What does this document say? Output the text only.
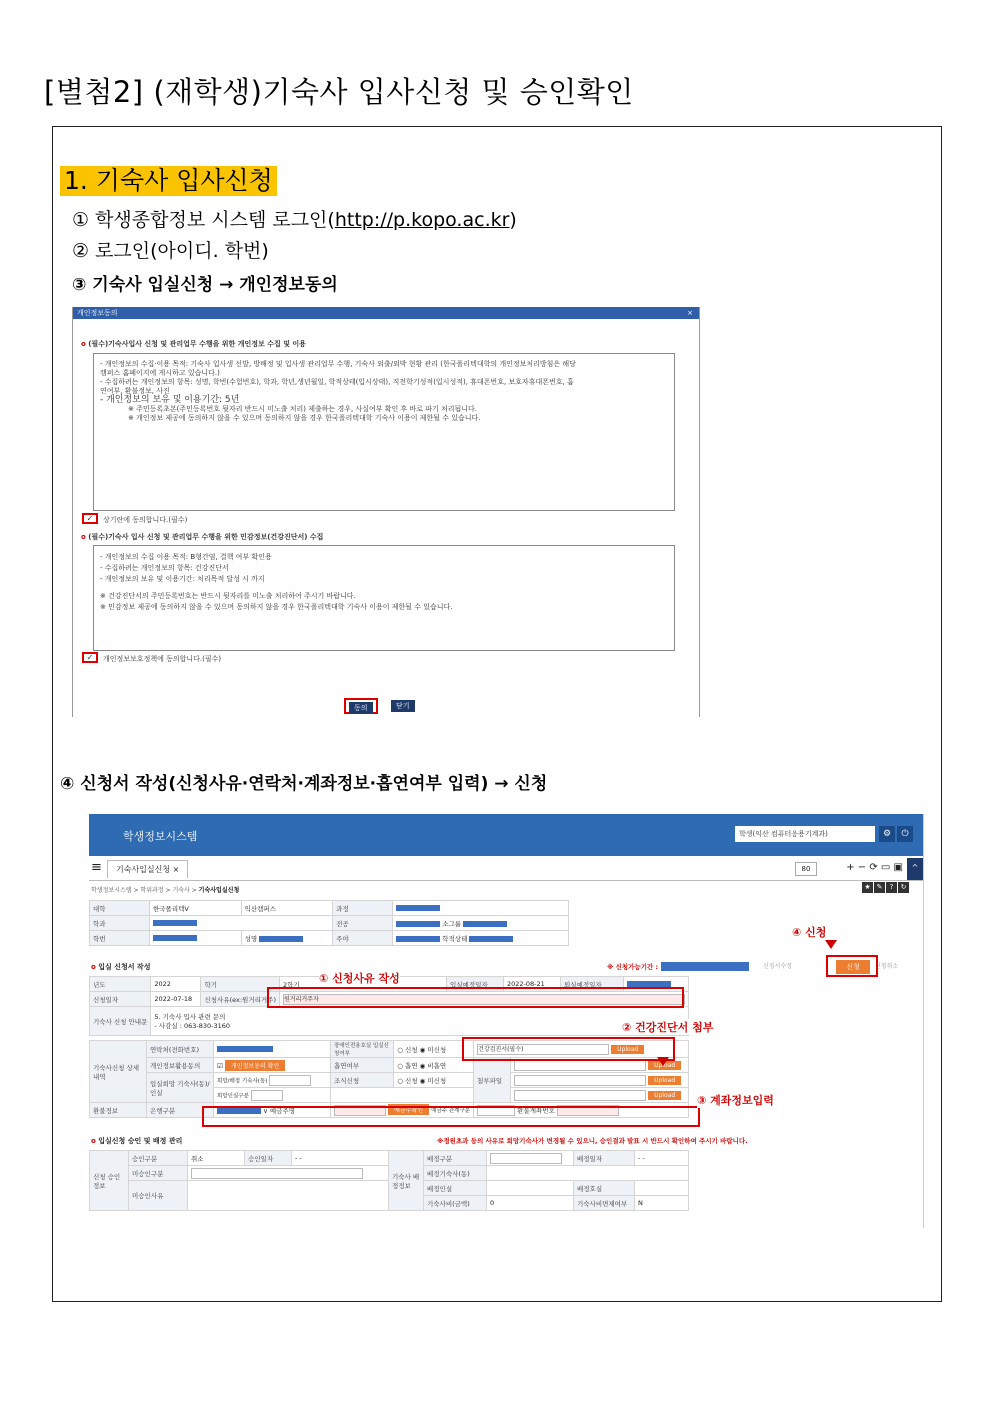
[별첨2] (재학생)기숙사 입사신청 및 승인확인
1. 기숙사 입사신청
① 학생종합정보 시스템 로그인(http://p.kopo.ac.kr)
② 로그인(아이디. 학번)
③ 기숙사 입실신청 → 개인정보동의
개인정보동의	×
o (필수)기숙사입사 신청 및 관리업무 수행을 위한 개인정보 수집 및 이용
- 개인정보의 수집·이용 목적: 기숙사 입사생 선발, 방배정 및 입사생 관리업무 수행, 기숙사 외출/외박 현황 관리 (한국폴리텍대학의 개인정보처리방침은 해당
캠퍼스 홈페이지에 게시하고 있습니다.)
- 수집하려는 개인정보의 항목: 성명, 학번(수험번호), 학과, 학년,생년월일, 학적상태(입시상태), 직전학기성적(입시성적), 휴대폰번호, 보호자휴대폰번호, 흡
연여부, 환불정보, 사진
- 개인정보의 보유 및 이용기간: 5년
※ 주민등록초본(주민등록번호 뒷자리 반드시 미노출 처리) 제출하는 경우, 사실여부 확인 후 바로 파기 처리됩니다.
※ 개인정보 제공에 동의하지 않을 수 있으며 동의하지 않을 경우 한국폴리텍대학 기숙사 이용이 제한될 수 있습니다.
✓	상기란에 동의합니다.(필수)
o (필수)기숙사 입사 신청 및 관리업무 수행을 위한 민감정보(건강진단서) 수집
- 개인정보의 수집 이용 목적: B형간염, 결핵 여부 확인용
- 수집하려는 개인정보의 항목: 건강진단서
- 개인정보의 보유 및 이용기간: 처리목적 달성 시 까지
※ 건강진단서의 주민등록번호는 반드시 뒷자리를 미노출 처리하여 주시기 바랍니다.
※ 민감정보 제공에 동의하지 않을 수 있으며 동의하지 않을 경우 한국폴리텍대학 기숙사 이용이 제한될 수 있습니다.
✓	개인정보보호정책에 동의합니다.(필수)
동의	닫기
④ 신청서 작성(신청사유·연락처·계좌정보·흡연여부 입력) → 신청
학생정보시스템	학생(익산 컴퓨터응용기계과)	⚙	⏻
≡	기숙사입실신청 ×	80	+ − ⟳ ▭ ▣	^
학생정보시스템 > 학위과정 > 기숙사 > 기숙사입실신청	★ ✎ ? ↻
대학	한국폴리텍Ⅴ	익산캠퍼스	과정	
학과			전공	소그룹
학번		성명	주야	학적상태
o 입실 신청서 작성	※ 신청가능기간 :	신청서수정	신청	신청취소
년도	2022	학기	2학기	입실예정일자	2022-08-21	퇴실예정일자	
신청일자	2022-07-18	신청사유(ex:원거리거주)	원거리거주자				
기숙사 신청 안내문	5. 기숙사 입사 관련 문의
- 사감실 : 063-830-3160						
기숙사신청 상세내역	연락처(전화번호)		장애인전용호실 입실신청여부	○ 신청 ◉ 미신청	건강검진서(필수) Upload	
	개인정보활용동의	☑ 개인정보동의 확인	흡연여부	○ 흡연 ◉ 비흡연	첨부파일	Upload
	입실희망 기숙사(동)/인실	희망/배정 기숙사(동)	조식신청	○ 신청 ◉ 미신청		Upload
		희망인실구분				Upload
환불정보	은행구분	∨ 예금주명	예금주확인 예금주 관계구분		환불계좌번호	
o 입실신청 승인 및 배정 관리	※정원초과 등의 사유로 희망기숙사가 변경될 수 있으니, 승인결과 발표 시 반드시 확인하여 주시기 바랍니다.
신청 승인정보	승인구분	취소	승인일자	- -	기숙사 배정정보	배정구분		배정일자	- -
	미승인구분					배정기숙사(동)			
	미승인사유					배정인실		배정호실	
						기숙사비(금액)	0	기숙사비면제여부	N
① 신청사유 작성
② 건강진단서 첨부
③ 계좌정보입력
④ 신청
